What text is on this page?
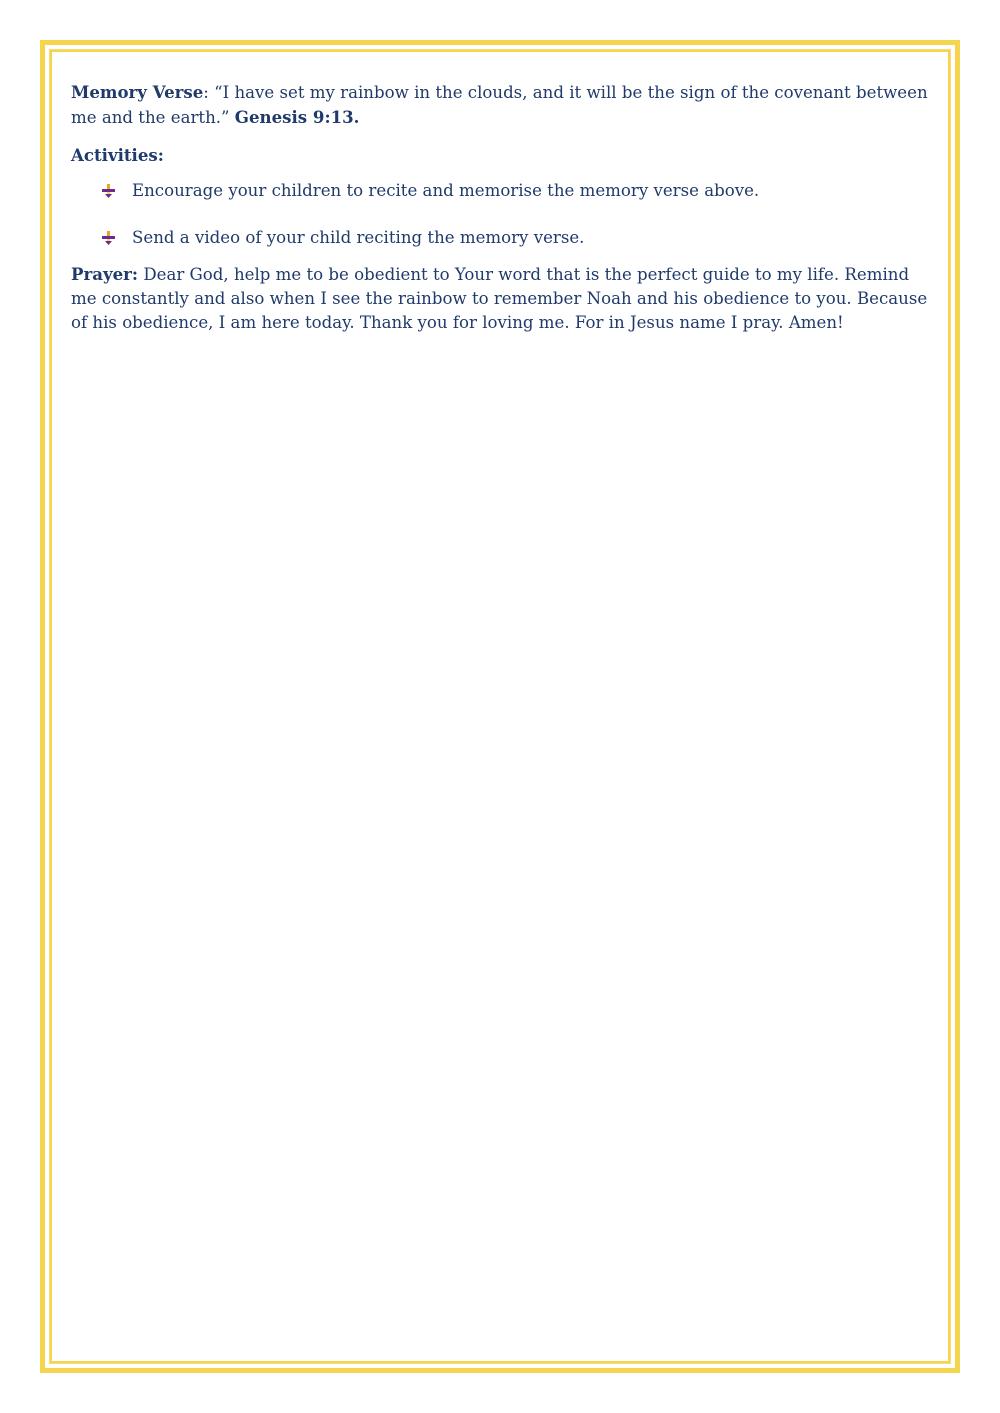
Memory Verse: “I have set my rainbow in the clouds, and it will be the sign of the covenant between me and the earth.” Genesis 9:13.

Activities:

Encourage your children to recite and memorise the memory verse above.
Send a video of your child reciting the memory verse.

Prayer: Dear God, help me to be obedient to Your word that is the perfect guide to my life. Remind me constantly and also when I see the rainbow to remember Noah and his obedience to you. Because of his obedience, I am here today. Thank you for loving me. For in Jesus name I pray. Amen!
